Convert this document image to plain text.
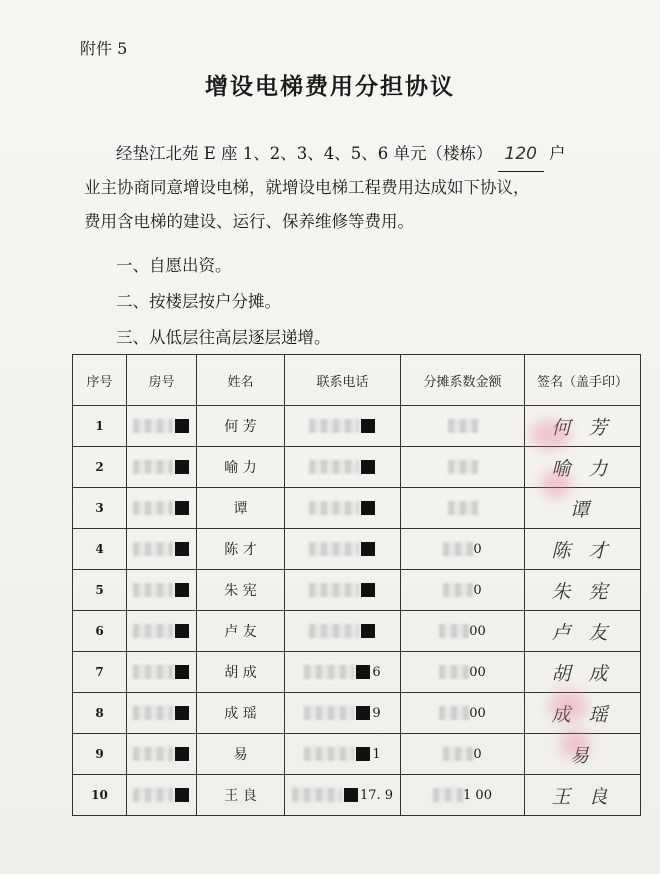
附件 5
增设电梯费用分担协议
经垫江北苑 E 座 1、2、3、4、5、6 单元（楼栋） 120 户
业主协商同意增设电梯，就增设电梯工程费用达成如下协议，
费用含电梯的建设、运行、保养维修等费用。
一、自愿出资。
二、按楼层按户分摊。
三、从低层往高层逐层递增。
序号	房号	姓名	联系电话	分摊系数金额	签名（盖手印）
1		何 芳			何 芳
2		喻 力			喻 力
3		谭			谭
4		陈 才		0	陈 才
5		朱 宪		0	朱 宪
6		卢 友		00	卢 友
7		胡 成	6	00	胡 成
8		成 瑶	9	00	成 瑶
9		易	1	0	易
10		王 良	17. 9	1 00	王 良
